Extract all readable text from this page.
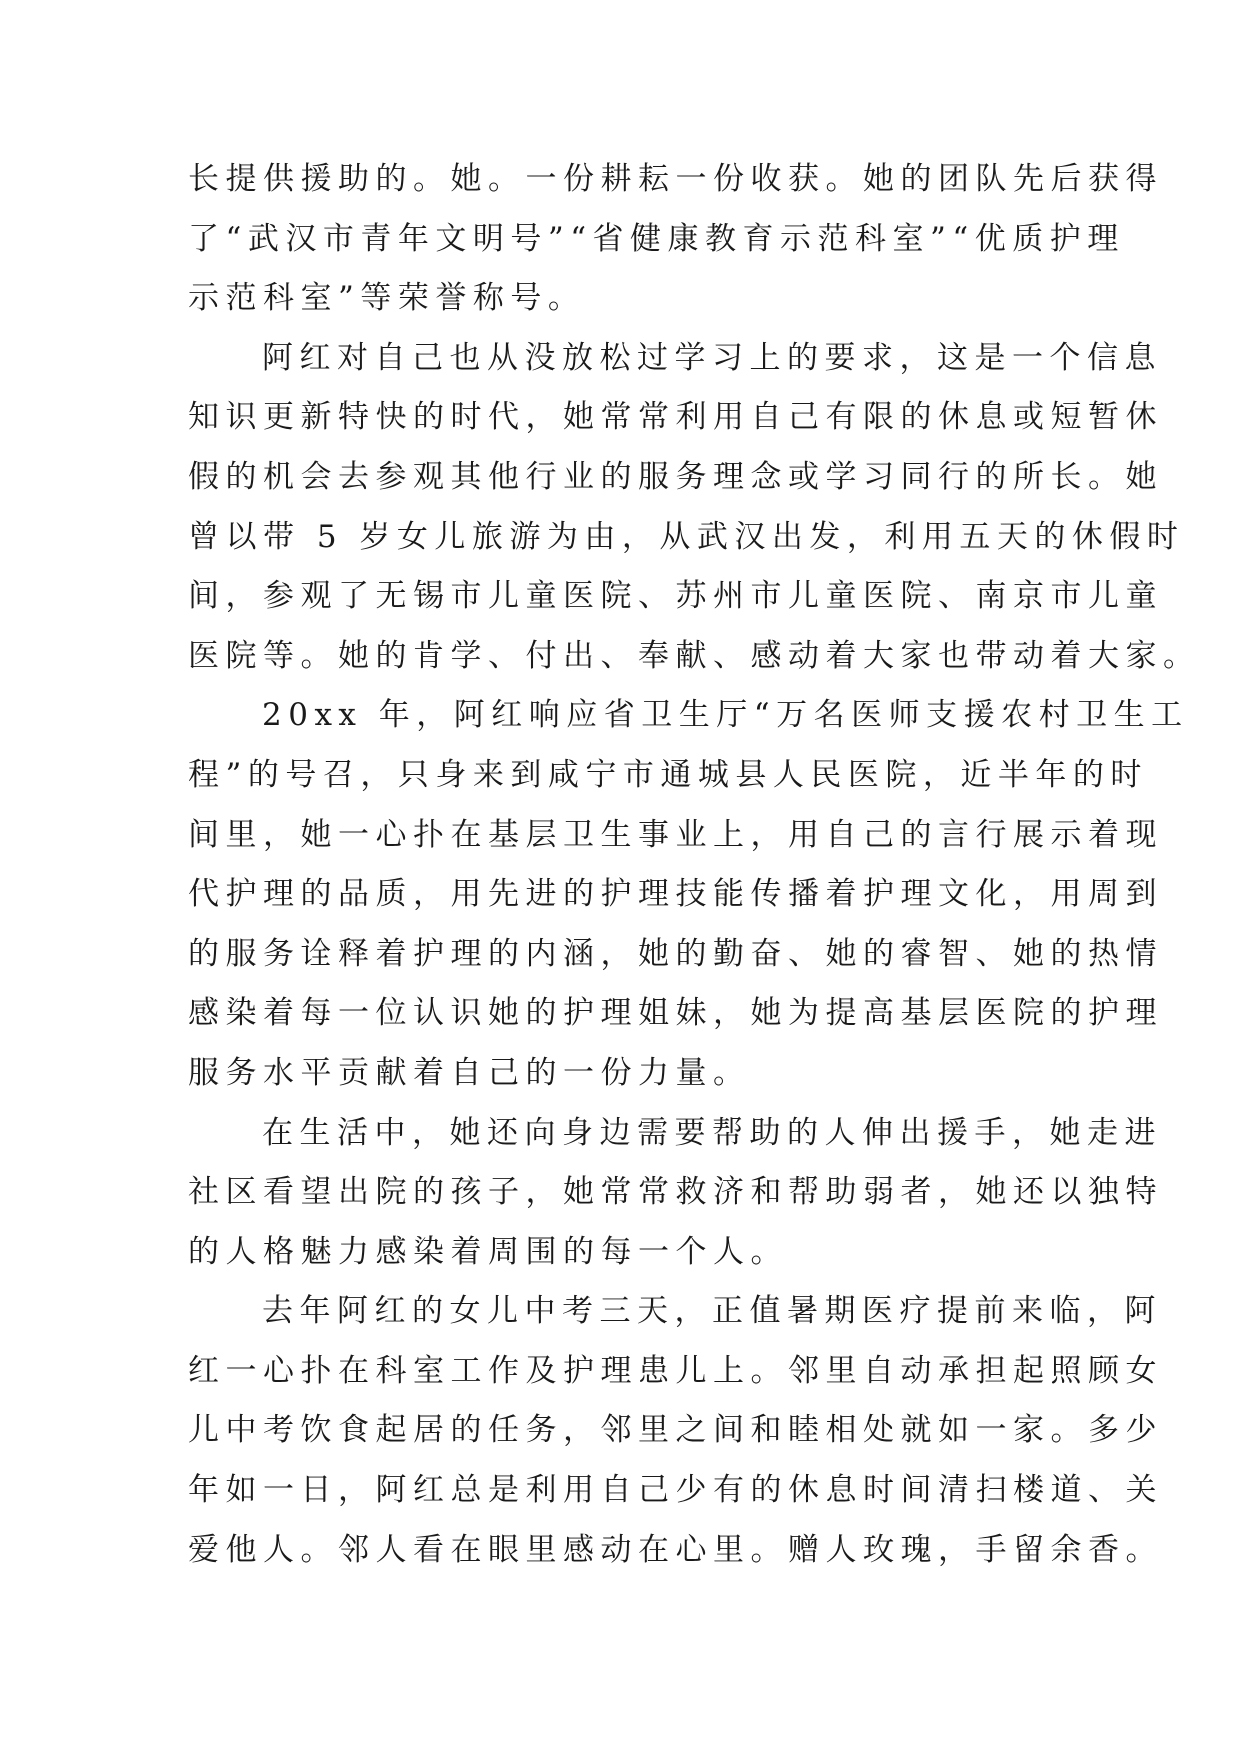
长提供援助的。她。一份耕耘一份收获。她的团队先后获得
了“武汉市青年文明号”“省健康教育示范科室”“优质护理
示范科室”等荣誉称号。
阿红对自己也从没放松过学习上的要求，这是一个信息
知识更新特快的时代，她常常利用自己有限的休息或短暂休
假的机会去参观其他行业的服务理念或学习同行的所长。她
曾以带 5 岁女儿旅游为由，从武汉出发，利用五天的休假时
间，参观了无锡市儿童医院、苏州市儿童医院、南京市儿童
医院等。她的肯学、付出、奉献、感动着大家也带动着大家。
20xx 年，阿红响应省卫生厅“万名医师支援农村卫生工
程”的号召，只身来到咸宁市通城县人民医院，近半年的时
间里，她一心扑在基层卫生事业上，用自己的言行展示着现
代护理的品质，用先进的护理技能传播着护理文化，用周到
的服务诠释着护理的内涵，她的勤奋、她的睿智、她的热情
感染着每一位认识她的护理姐妹，她为提高基层医院的护理
服务水平贡献着自己的一份力量。
在生活中，她还向身边需要帮助的人伸出援手，她走进
社区看望出院的孩子，她常常救济和帮助弱者，她还以独特
的人格魅力感染着周围的每一个人。
去年阿红的女儿中考三天，正值暑期医疗提前来临，阿
红一心扑在科室工作及护理患儿上。邻里自动承担起照顾女
儿中考饮食起居的任务，邻里之间和睦相处就如一家。多少
年如一日，阿红总是利用自己少有的休息时间清扫楼道、关
爱他人。邻人看在眼里感动在心里。赠人玫瑰，手留余香。
